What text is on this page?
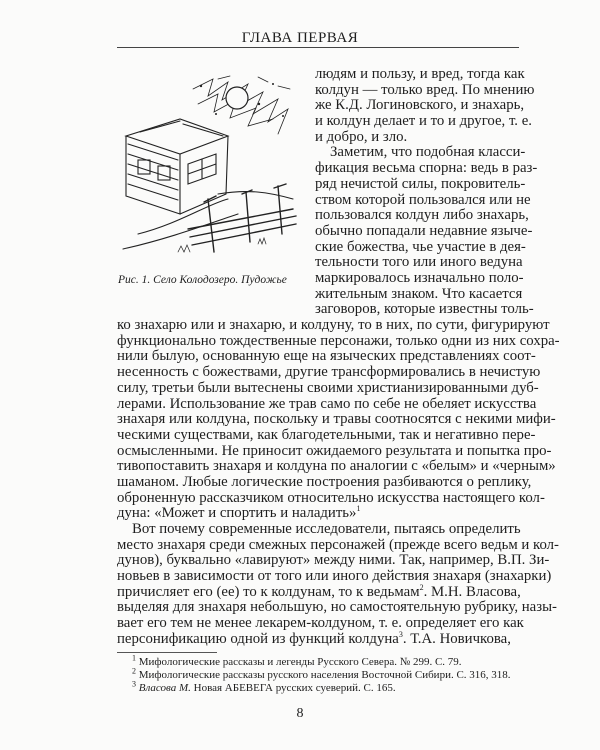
ГЛАВА ПЕРВАЯ
Рис. 1. Село Колодозеро. Пудожье
людям и пользу, и вред, тогда как
колдун — только вред. По мнению
же К.Д. Логиновского, и знахарь,
и колдун делает и то и другое, т. е.
и добро, и зло.
Заметим, что подобная класси-
фикация весьма спорна: ведь в раз-
ряд нечистой силы, покровитель-
ством которой пользовался или не
пользовался колдун либо знахарь,
обычно попадали недавние языче-
ские божества, чье участие в дея-
тельности того или иного ведуна
маркировалось изначально поло-
жительным знаком. Что касается
заговоров, которые известны толь-
ко знахарю или и знахарю, и колдуну, то в них, по сути, фигурируют
функционально тождественные персонажи, только одни из них сохра-
нили былую, основанную еще на языческих представлениях соот-
несенность с божествами, другие трансформировались в нечистую
силу, третьи были вытеснены своими христианизированными дуб-
лерами. Использование же трав само по себе не обеляет искусства
знахаря или колдуна, поскольку и травы соотносятся с некими мифи-
ческими существами, как благодетельными, так и негативно пере-
осмысленными. Не приносит ожидаемого результата и попытка про-
тивопоставить знахаря и колдуна по аналогии с «белым» и «черным»
шаманом. Любые логические построения разбиваются о реплику,
оброненную рассказчиком относительно искусства настоящего кол-
дуна: «Может и спортить и наладить»$^1$
Вот почему современные исследователи, пытаясь определить
место знахаря среди смежных персонажей (прежде всего ведьм и кол-
дунов), буквально «лавируют» между ними. Так, например, В.П. Зи-
новьев в зависимости от того или иного действия знахаря (знахарки)
причисляет его (ее) то к колдунам, то к ведьмам$^2$. М.Н. Власова,
8
выделяя для знахаря небольшую, но самостоятельную рубрику, назы-
вает его тем не менее лекарем-колдуном, т. е. определяет его как
персонификацию одной из функций колдуна$^3$. Т.А. Новичкова,
$^1$ Мифологические рассказы и легенды Русского Севера. № 299. С. 79.
$^2$ Мифологические рассказы русского населения Восточной Сибири. С. 316, 318.
$^3$ Власова М. Новая АБЕВЕГА русских суеверий. С. 165.
